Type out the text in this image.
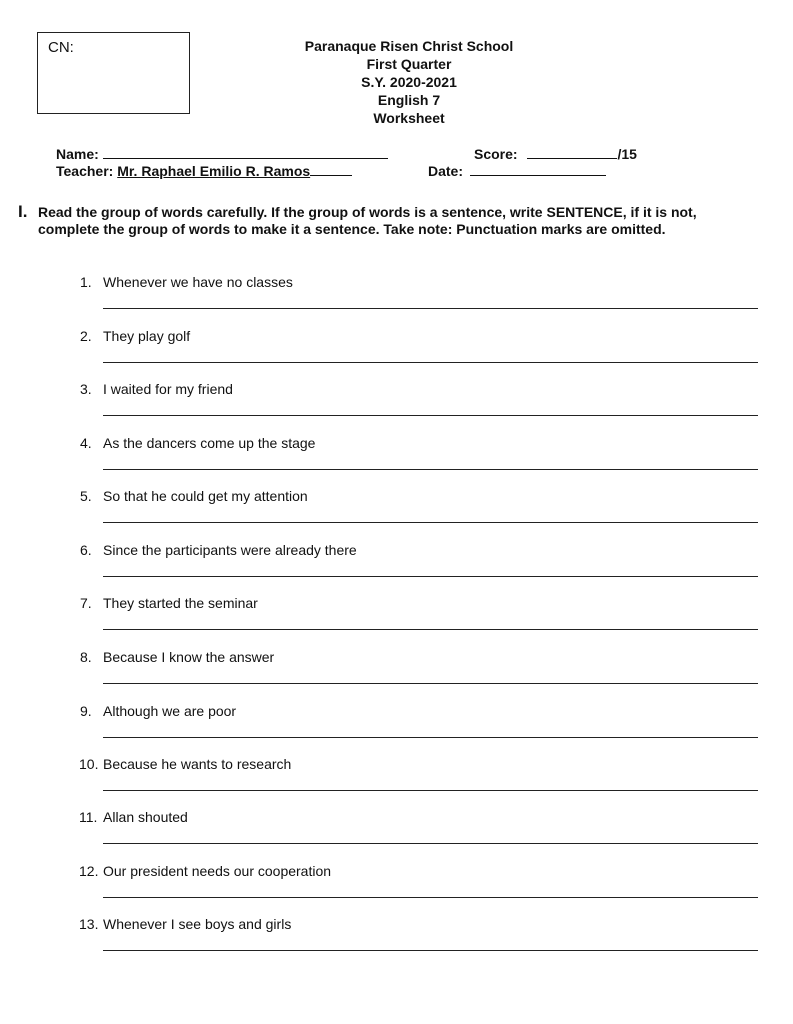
CN:	Paranaque Risen Christ School
First Quarter
S.Y. 2020-2021
English 7
Worksheet
Name:	Score:	/15
Teacher: Mr. Raphael Emilio R. Ramos	Date:
I. Read the group of words carefully. If the group of words is a sentence, write SENTENCE, if it is not, complete the group of words to make it a sentence. Take note: Punctuation marks are omitted.
1. Whenever we have no classes
2. They play golf
3. I waited for my friend
4. As the dancers come up the stage
5. So that he could get my attention
6. Since the participants were already there
7. They started the seminar
8. Because I know the answer
9. Although we are poor
10. Because he wants to research
11. Allan shouted
12. Our president needs our cooperation
13. Whenever I see boys and girls
